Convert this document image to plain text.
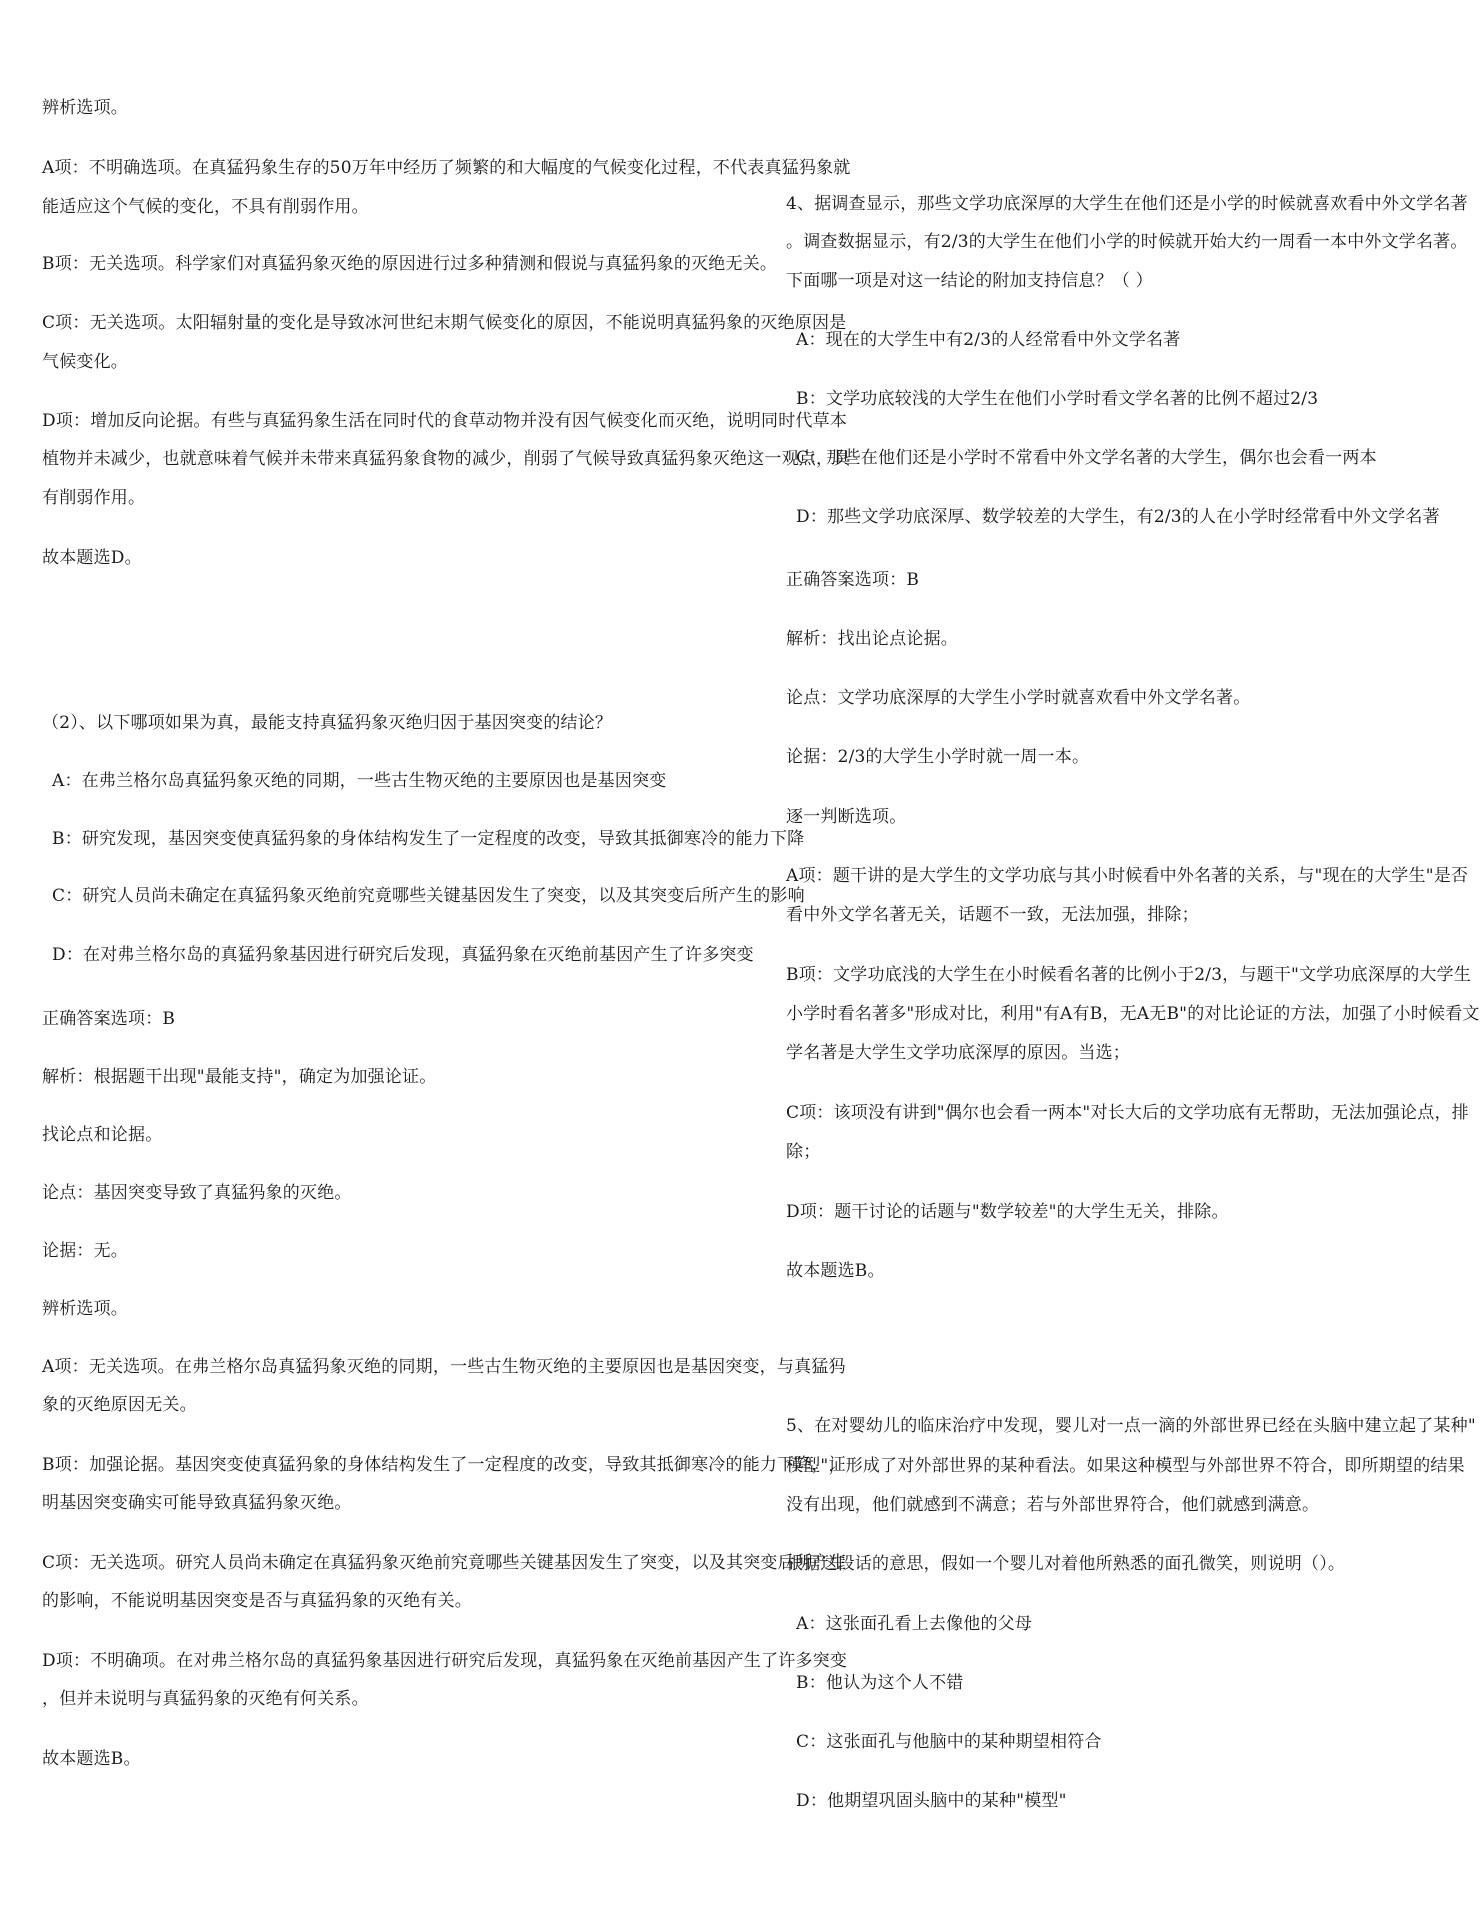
辨析选项。
A项：不明确选项。在真猛犸象生存的50万年中经历了频繁的和大幅度的气候变化过程，不代表真猛犸象就
能适应这个气候的变化，不具有削弱作用。
B项：无关选项。科学家们对真猛犸象灭绝的原因进行过多种猜测和假说与真猛犸象的灭绝无关。
C项：无关选项。太阳辐射量的变化是导致冰河世纪末期气候变化的原因，不能说明真猛犸象的灭绝原因是
气候变化。
D项：增加反向论据。有些与真猛犸象生活在同时代的食草动物并没有因气候变化而灭绝，说明同时代草本
植物并未减少，也就意味着气候并未带来真猛犸象食物的减少，削弱了气候导致真猛犸象灭绝这一观点，具
有削弱作用。
故本题选D。
（2）、以下哪项如果为真，最能支持真猛犸象灭绝归因于基因突变的结论？
A：在弗兰格尔岛真猛犸象灭绝的同期，一些古生物灭绝的主要原因也是基因突变
B：研究发现，基因突变使真猛犸象的身体结构发生了一定程度的改变，导致其抵御寒冷的能力下降
C：研究人员尚未确定在真猛犸象灭绝前究竟哪些关键基因发生了突变，以及其突变后所产生的影响
D：在对弗兰格尔岛的真猛犸象基因进行研究后发现，真猛犸象在灭绝前基因产生了许多突变
正确答案选项：B
解析：根据题干出现"最能支持"，确定为加强论证。
找论点和论据。
论点：基因突变导致了真猛犸象的灭绝。
论据：无。
辨析选项。
A项：无关选项。在弗兰格尔岛真猛犸象灭绝的同期，一些古生物灭绝的主要原因也是基因突变，与真猛犸
象的灭绝原因无关。
B项：加强论据。基因突变使真猛犸象的身体结构发生了一定程度的改变，导致其抵御寒冷的能力下降，证
明基因突变确实可能导致真猛犸象灭绝。
C项：无关选项。研究人员尚未确定在真猛犸象灭绝前究竟哪些关键基因发生了突变，以及其突变后所产生
的影响，不能说明基因突变是否与真猛犸象的灭绝有关。
D项：不明确项。在对弗兰格尔岛的真猛犸象基因进行研究后发现，真猛犸象在灭绝前基因产生了许多突变
，但并未说明与真猛犸象的灭绝有何关系。
故本题选B。
4、据调查显示，那些文学功底深厚的大学生在他们还是小学的时候就喜欢看中外文学名著
。调查数据显示，有2/3的大学生在他们小学的时候就开始大约一周看一本中外文学名著。
下面哪一项是对这一结论的附加支持信息？（ ）
A：现在的大学生中有2/3的人经常看中外文学名著
B：文学功底较浅的大学生在他们小学时看文学名著的比例不超过2/3
C：那些在他们还是小学时不常看中外文学名著的大学生，偶尔也会看一两本
D：那些文学功底深厚、数学较差的大学生，有2/3的人在小学时经常看中外文学名著
正确答案选项：B
解析：找出论点论据。
论点：文学功底深厚的大学生小学时就喜欢看中外文学名著。
论据：2/3的大学生小学时就一周一本。
逐一判断选项。
A项：题干讲的是大学生的文学功底与其小时候看中外名著的关系，与"现在的大学生"是否
看中外文学名著无关，话题不一致，无法加强，排除；
B项：文学功底浅的大学生在小时候看名著的比例小于2/3，与题干"文学功底深厚的大学生
小学时看名著多"形成对比，利用"有A有B，无A无B"的对比论证的方法，加强了小时候看文
学名著是大学生文学功底深厚的原因。当选；
C项：该项没有讲到"偶尔也会看一两本"对长大后的文学功底有无帮助，无法加强论点，排
除；
D项：题干讨论的话题与"数学较差"的大学生无关，排除。
故本题选B。
5、在对婴幼儿的临床治疗中发现，婴儿对一点一滴的外部世界已经在头脑中建立起了某种"
模型"，形成了对外部世界的某种看法。如果这种模型与外部世界不符合，即所期望的结果
没有出现，他们就感到不满意；若与外部世界符合，他们就感到满意。
根据这段话的意思，假如一个婴儿对着他所熟悉的面孔微笑，则说明（）。
A：这张面孔看上去像他的父母
B：他认为这个人不错
C：这张面孔与他脑中的某种期望相符合
D：他期望巩固头脑中的某种"模型"
